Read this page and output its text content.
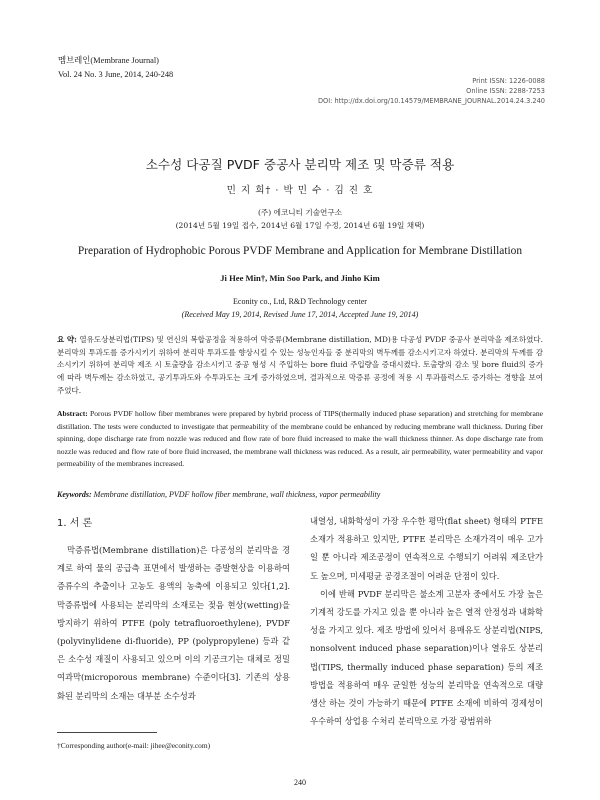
멤브레인(Membrane Journal)
Vol. 24 No. 3 June, 2014, 240-248
Print ISSN: 1226-0088
Online ISSN: 2288-7253
DOI: http://dx.doi.org/10.14579/MEMBRANE_JOURNAL.2014.24.3.240
소수성 다공질 PVDF 중공사 분리막 제조 및 막증류 적용
민 지 희† · 박 민 수 · 김 진 호
(주) 에코니티 기술연구소
(2014년 5월 19일 접수, 2014년 6월 17일 수정, 2014년 6월 19일 채택)
Preparation of Hydrophobic Porous PVDF Membrane and Application for Membrane Distillation
Ji Hee Min†, Min Soo Park, and Jinho Kim
Econity co., Ltd, R&D Technology center
(Received May 19, 2014, Revised June 17, 2014, Accepted June 19, 2014)
요 약: 열유도상분리법(TIPS) 및 연신의 복합공정을 적용하여 막증류(Membrane distillation, MD)용 다공성 PVDF 중공사 분리막을 제조하였다. 분리막의 투과도를 증가시키기 위하여 분리막 투과도를 향상시킬 수 있는 성능인자들 중 분리막의 벽두께를 감소시키고자 하였다. 분리막의 두께를 감소시키기 위하여 분리막 제조 시 토출량을 감소시키고 중공 형성 시 주입하는 bore fluid 주입량을 증대시켰다. 토출량의 감소 및 bore fluid의 증가에 따라 벽두께는 감소하였고, 공기투과도와 수투과도는 크게 증가하였으며, 결과적으로 막증류 공정에 적용 시 투과플럭스도 증가하는 경향을 보여 주었다.
Abstract: Porous PVDF hollow fiber membranes were prepared by hybrid process of TIPS(thermally induced phase separation) and stretching for membrane distillation. The tests were conducted to investigate that permeability of the membrane could be enhanced by reducing membrane wall thickness. During fiber spinning, dope discharge rate from nozzle was reduced and flow rate of bore fluid increased to make the wall thickness thinner. As dope discharge rate from nozzle was reduced and flow rate of bore fluid increased, the membrane wall thickness was reduced. As a result, air permeability, water permeability and vapor permeability of the membranes increased.
Keywords: Membrane distillation, PVDF hollow fiber membrane, wall thickness, vapor permeability
1. 서 론
막증류법(Membrane distillation)은 다공성의 분리막을 경계로 하여 물의 공급측 표면에서 발생하는 증발현상을 이용하여 증류수의 추출이나 고농도 용액의 농축에 이용되고 있다[1,2]. 막증류법에 사용되는 분리막의 소재로는 젖음 현상(wetting)을 방지하기 위하여 PTFE (poly tetrafluoroethylene), PVDF (polyvinylidene di-fluoride), PP (polypropylene) 등과 같은 소수성 재질이 사용되고 있으며 이의 기공크기는 대체로 정밀여과막(microporous membrane) 수준이다[3]. 기존의 상용화된 분리막의 소재는 대부분 소수성과

내열성, 내화학성이 가장 우수한 평막(flat sheet) 형태의 PTFE소재가 적용하고 있지만, PTFE 분리막은 소재가격이 매우 고가일 뿐 아니라 제조공정이 연속적으로 수행되기 어려워 제조단가도 높으며, 미세평균 공경조절이 어려운 단점이 있다.

이에 반해 PVDF 분리막은 불소계 고분자 중에서도 가장 높은 기계적 강도를 가지고 있을 뿐 아니라 높은 열적 안정성과 내화학성을 가지고 있다. 제조 방법에 있어서 용매유도 상분리법(NIPS, nonsolvent induced phase separation)이나 열유도 상분리법(TIPS, thermally induced phase separation) 등의 제조 방법을 적용하여 매우 균일한 성능의 분리막을 연속적으로 대량 생산 하는 것이 가능하기 때문에 PTFE 소재에 비하여 경제성이 우수하여 상업용 수처리 분리막으로 가장 광범위하

†Corresponding author(e-mail: jihee@econity.com)
240
